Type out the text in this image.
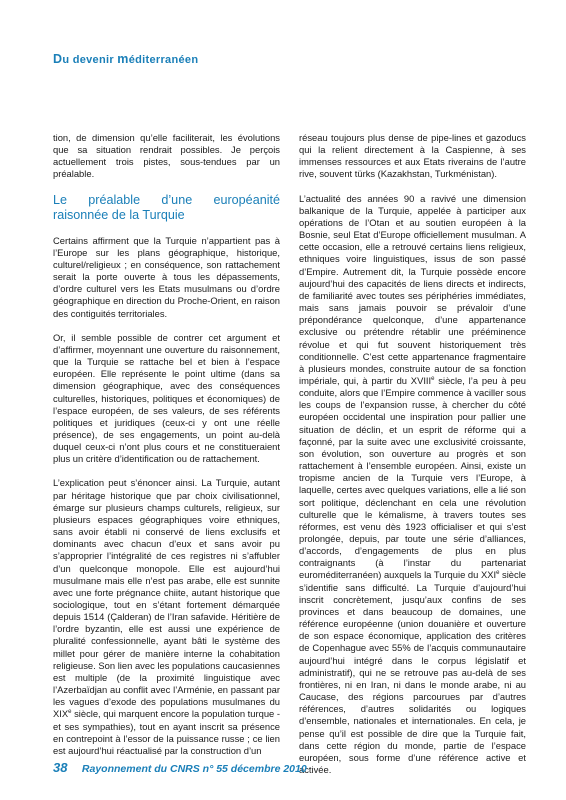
Du devenir méditerranéen

tion, de dimension qu’elle faciliterait, les évolutions que sa situation rendrait possibles. Je perçois actuellement trois pistes, sous-tendues par un préalable.

Le préalable d’une européanité raisonnée de la Turquie

Certains affirment que la Turquie n’appartient pas à l’Europe sur les plans géographique, historique, culturel/religieux ; en conséquence, son rattachement serait la porte ouverte à tous les dépassements, d’ordre culturel vers les Etats musulmans ou d’ordre géographique en direction du Proche-Orient, en raison des contiguités territoriales.

Or, il semble possible de contrer cet argument et d’affirmer, moyennant une ouverture du raisonnement, que la Turquie se rattache bel et bien à l’espace européen. Elle représente le point ultime (dans sa dimension géographique, avec des conséquences culturelles, historiques, politiques et économiques) de l’espace européen, de ses valeurs, de ses référents politiques et juridiques (ceux-ci y ont une réelle présence), de ses engagements, un point au-delà duquel ceux-ci n’ont plus cours et ne constitueraient plus un critère d’identification ou de rattachement.

L’explication peut s’énoncer ainsi. La Turquie, autant par héritage historique que par choix civilisationnel, émarge sur plusieurs champs culturels, religieux, sur plusieurs espaces géographiques voire ethniques, sans avoir établi ni conservé de liens exclusifs et dominants avec chacun d’eux et sans avoir pu s’approprier l’intégralité de ces registres ni s’affubler d’un quelconque monopole. Elle est aujourd’hui musulmane mais elle n’est pas arabe, elle est sunnite avec une forte prégnance chiite, autant historique que sociologique, tout en s’étant fortement démarquée depuis 1514 (Çalderan) de l’Iran safavide. Héritière de l’ordre byzantin, elle est aussi une expérience de pluralité confessionnelle, ayant bâti le système des millet pour gérer de manière interne la cohabitation religieuse. Son lien avec les populations caucasiennes est multiple (de la proximité linguistique avec l’Azerbaïdjan au conflit avec l’Arménie, en passant par les vagues d’exode des populations musulmanes du XIXe siècle, qui marquent encore la population turque - et ses sympathies), tout en ayant inscrit sa présence en contrepoint à l’essor de la puissance russe ; ce lien est aujourd’hui réactualisé par la construction d’un

réseau toujours plus dense de pipe-lines et gazoducs qui la relient directement à la Caspienne, à ses immenses ressources et aux Etats riverains de l’autre rive, souvent türks (Kazakhstan, Turkménistan).

L’actualité des années 90 a ravivé une dimension balkanique de la Turquie, appelée à participer aux opérations de l’Otan et au soutien européen à la Bosnie, seul Etat d’Europe officiellement musulman. A cette occasion, elle a retrouvé certains liens religieux, ethniques voire linguistiques, issus de son passé d’Empire. Autrement dit, la Turquie possède encore aujourd’hui des capacités de liens directs et indirects, de familiarité avec toutes ses périphéries immédiates, mais sans jamais pouvoir se prévaloir d’une prépondérance quelconque, d’une appartenance exclusive ou prétendre rétablir une prééminence révolue et qui fut souvent historiquement très conditionnelle. C’est cette appartenance fragmentaire à plusieurs mondes, construite autour de sa fonction impériale, qui, à partir du XVIIIe siècle, l’a peu à peu conduite, alors que l’Empire commence à vaciller sous les coups de l’expansion russe, à chercher du côté européen occidental une inspiration pour pallier une situation de déclin, et un esprit de réforme qui a façonné, par la suite avec une exclusivité croissante, son évolution, son ouverture au progrès et son rattachement à l’ensemble européen. Ainsi, existe un tropisme ancien de la Turquie vers l’Europe, à laquelle, certes avec quelques variations, elle a lié son sort politique, déclenchant en cela une révolution culturelle que le kémalisme, à travers toutes ses réformes, est venu dès 1923 officialiser et qui s’est prolongée, depuis, par toute une série d’alliances, d’accords, d’engagements de plus en plus contraignants (à l’instar du partenariat euroméditerranéen) auxquels la Turquie du XXIe siècle s’identifie sans difficulté. La Turquie d’aujourd’hui inscrit concrètement, jusqu’aux confins de ses provinces et dans beaucoup de domaines, une référence européenne (union douanière et ouverture de son espace économique, application des critères de Copenhague avec 55% de l’acquis communautaire aujourd’hui intégré dans le corpus législatif et administratif), qui ne se retrouve pas au-delà de ses frontières, ni en Iran, ni dans le monde arabe, ni au Caucase, des régions parcourues par d’autres références, d’autres solidarités ou logiques d’ensemble, nationales et internationales. En cela, je pense qu’il est possible de dire que la Turquie fait, dans cette région du monde, partie de l’espace européen, sous forme d’une référence active et activée.

38 Rayonnement du CNRS n° 55 décembre 2010
